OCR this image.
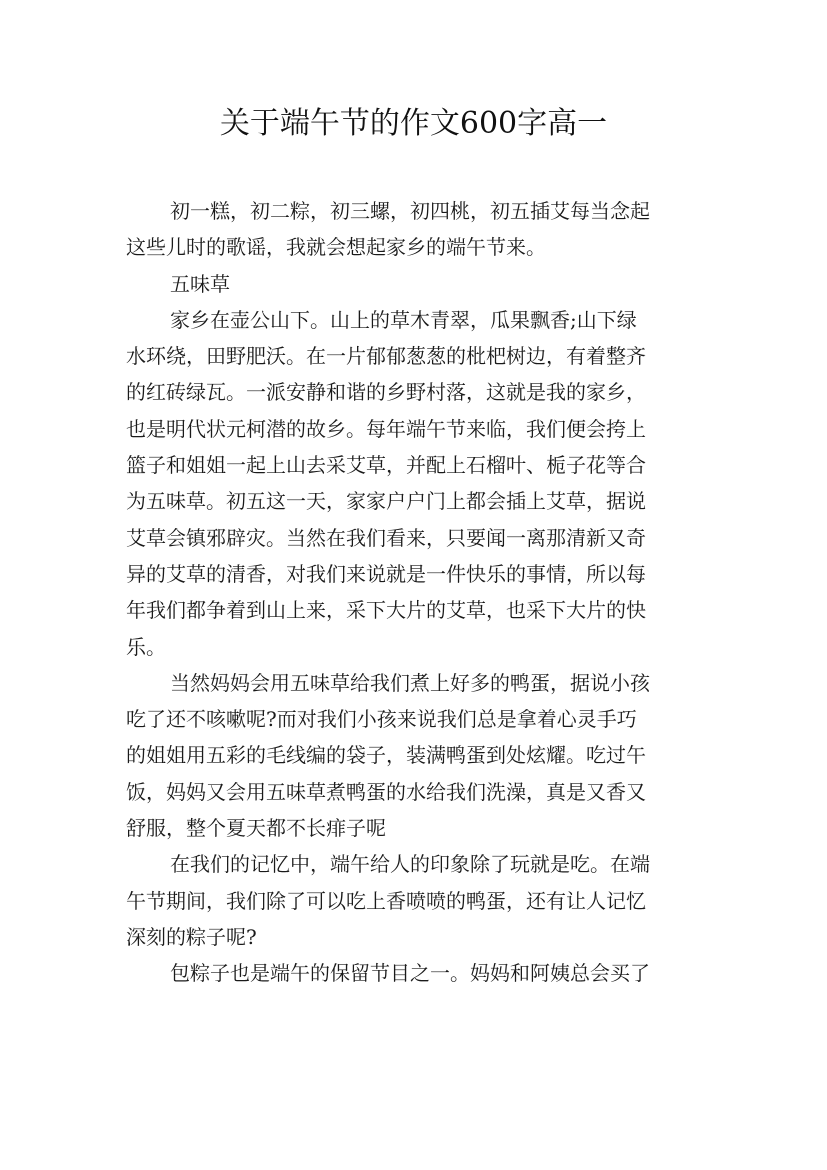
关于端午节的作文600字高一
初一糕，初二粽，初三螺，初四桃，初五插艾每当念起
这些儿时的歌谣，我就会想起家乡的端午节来。
五味草
家乡在壶公山下。山上的草木青翠，瓜果飘香;山下绿
水环绕，田野肥沃。在一片郁郁葱葱的枇杷树边，有着整齐
的红砖绿瓦。一派安静和谐的乡野村落，这就是我的家乡，
也是明代状元柯潜的故乡。每年端午节来临，我们便会挎上
篮子和姐姐一起上山去采艾草，并配上石榴叶、栀子花等合
为五味草。初五这一天，家家户户门上都会插上艾草，据说
艾草会镇邪辟灾。当然在我们看来，只要闻一离那清新又奇
异的艾草的清香，对我们来说就是一件快乐的事情，所以每
年我们都争着到山上来，采下大片的艾草，也采下大片的快
乐。
当然妈妈会用五味草给我们煮上好多的鸭蛋，据说小孩
吃了还不咳嗽呢?而对我们小孩来说我们总是拿着心灵手巧
的姐姐用五彩的毛线编的袋子，装满鸭蛋到处炫耀。吃过午
饭，妈妈又会用五味草煮鸭蛋的水给我们洗澡，真是又香又
舒服，整个夏天都不长痱子呢
在我们的记忆中，端午给人的印象除了玩就是吃。在端
午节期间，我们除了可以吃上香喷喷的鸭蛋，还有让人记忆
深刻的粽子呢?
包粽子也是端午的保留节目之一。妈妈和阿姨总会买了
